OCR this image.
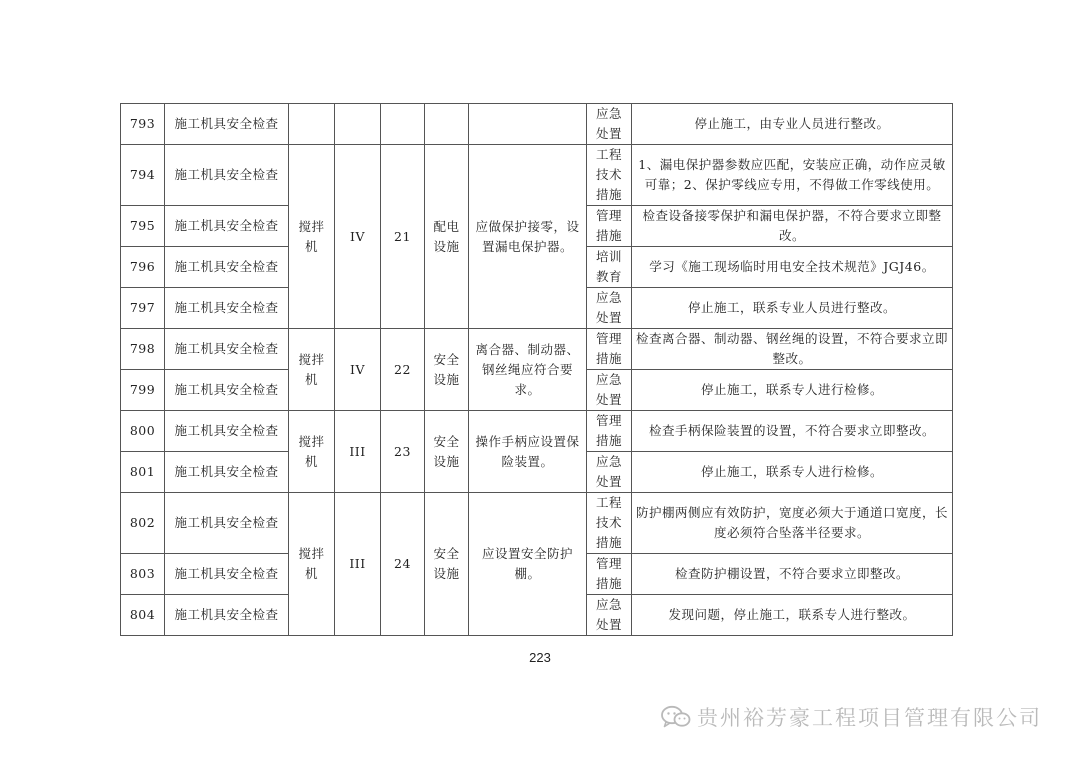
793	施工机具安全检查						应急处置	停止施工，由专业人员进行整改。
794	施工机具安全检查	搅拌机	IV	21	配电设施	应做保护接零，设置漏电保护器。	工程技术措施	1、漏电保护器参数应匹配，安装应正确，动作应灵敏可靠；2、保护零线应专用，不得做工作零线使用。
795	施工机具安全检查						管理措施	检查设备接零保护和漏电保护器，不符合要求立即整改。
796	施工机具安全检查						培训教育	学习《施工现场临时用电安全技术规范》JGJ46。
797	施工机具安全检查						应急处置	停止施工，联系专业人员进行整改。
798	施工机具安全检查	搅拌机	IV	22	安全设施	离合器、制动器、钢丝绳应符合要求。	管理措施	检查离合器、制动器、钢丝绳的设置，不符合要求立即整改。
799	施工机具安全检查						应急处置	停止施工，联系专人进行检修。
800	施工机具安全检查	搅拌机	III	23	安全设施	操作手柄应设置保险装置。	管理措施	检查手柄保险装置的设置，不符合要求立即整改。
801	施工机具安全检查						应急处置	停止施工，联系专人进行检修。
802	施工机具安全检查	搅拌机	III	24	安全设施	应设置安全防护棚。	工程技术措施	防护棚两侧应有效防护，宽度必须大于通道口宽度，长度必须符合坠落半径要求。
803	施工机具安全检查						管理措施	检查防护棚设置，不符合要求立即整改。
804	施工机具安全检查						应急处置	发现问题，停止施工，联系专人进行整改。
223
贵州裕芳豪工程项目管理有限公司
